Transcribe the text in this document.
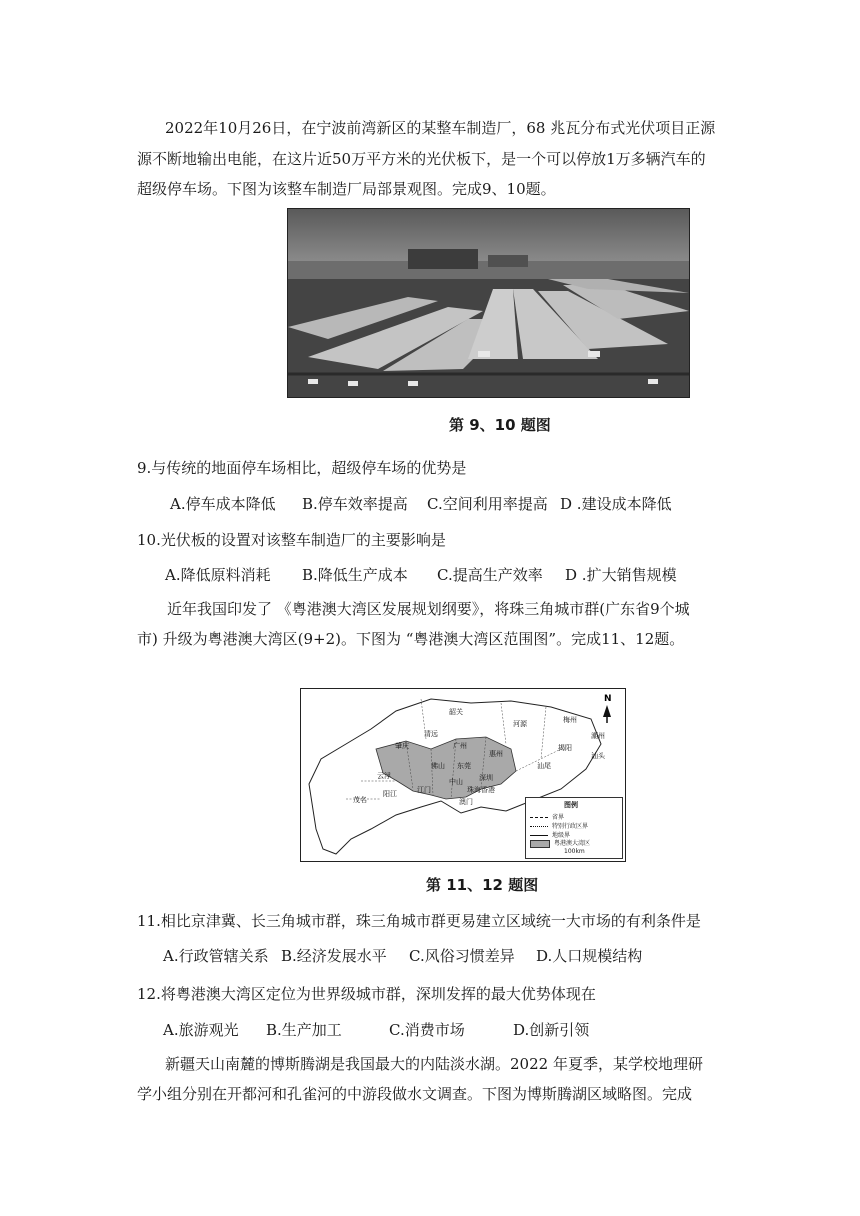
2022年10月26日，在宁波前湾新区的某整车制造厂，68 兆瓦分布式光伏项目正源
源不断地输出电能，在这片近50万平方米的光伏板下，是一个可以停放1万多辆汽车的
超级停车场。下图为该整车制造厂局部景观图。完成9、10题。
第 9、10 题图
9.与传统的地面停车场相比，超级停车场的优势是
A.停车成本降低 B.停车效率提高 C.空间利用率提高 D .建设成本降低
10.光伏板的设置对该整车制造厂的主要影响是
A.降低原料消耗 B.降低生产成本 C.提高生产效率 D .扩大销售规模
近年我国印发了 《粤港澳大湾区发展规划纲要》，将珠三角城市群(广东省9个城
市) 升级为粤港澳大湾区(9+2)。下图为 “粤港澳大湾区范围图”。完成11、12题。
N
韶关
河源	梅州
潮州
揭阳
清远
广州
惠州
汕尾
汕头
肇庆
佛山 东莞
深圳
云浮
中山
珠海
江门
澳门
香港
阳江
茂名
图例
省界
特别行政区界
地级界
粤港澳大湾区
100km
第 11、12 题图
11.相比京津冀、长三角城市群，珠三角城市群更易建立区域统一大市场的有利条件是
A.行政管辖关系 B.经济发展水平 C.风俗习惯差异 D.人口规模结构
12.将粤港澳大湾区定位为世界级城市群，深圳发挥的最大优势体现在
A.旅游观光 B.生产加工	C.消费市场	D.创新引领
新疆天山南麓的博斯腾湖是我国最大的内陆淡水湖。2022 年夏季，某学校地理研
学小组分别在开都河和孔雀河的中游段做水文调查。下图为博斯腾湖区域略图。完成
